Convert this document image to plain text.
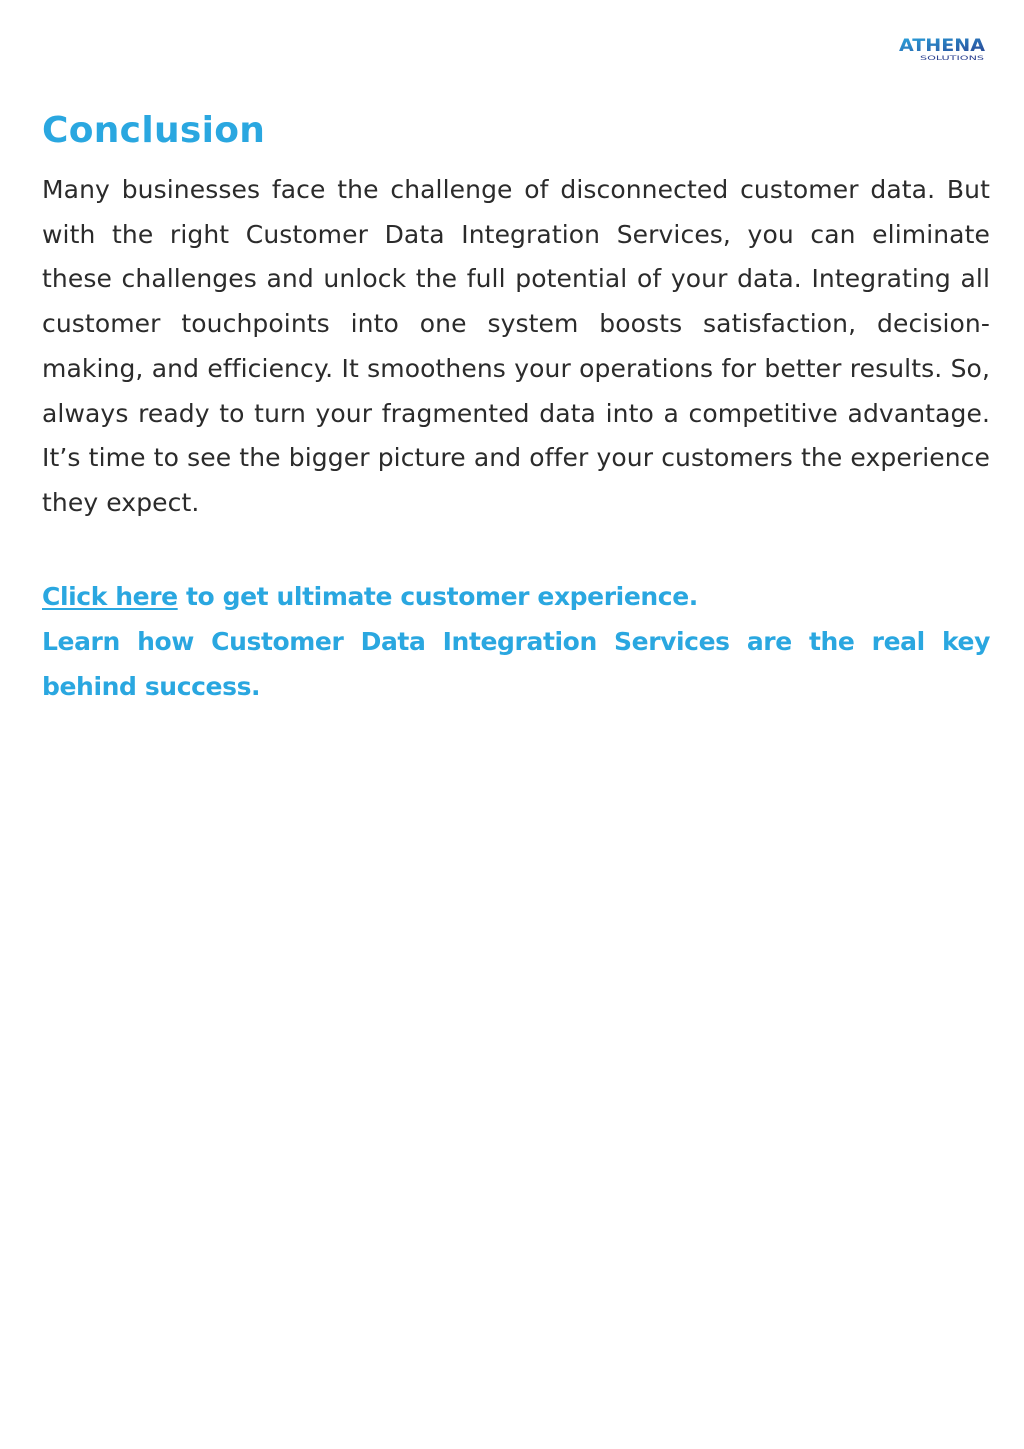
ATHENA
SOLUTIONS
Conclusion

Many businesses face the challenge of disconnected customer data. But with the right Customer Data Integration Services, you can eliminate these challenges and unlock the full potential of your data. Integrating all customer touchpoints into one system boosts satisfaction, decision-making, and efficiency. It smoothens your operations for better results. So, always ready to turn your fragmented data into a competitive advantage. It’s time to see the bigger picture and offer your customers the experience they expect.

Click here to get ultimate customer experience.
Learn how Customer Data Integration Services are the real key behind success.
